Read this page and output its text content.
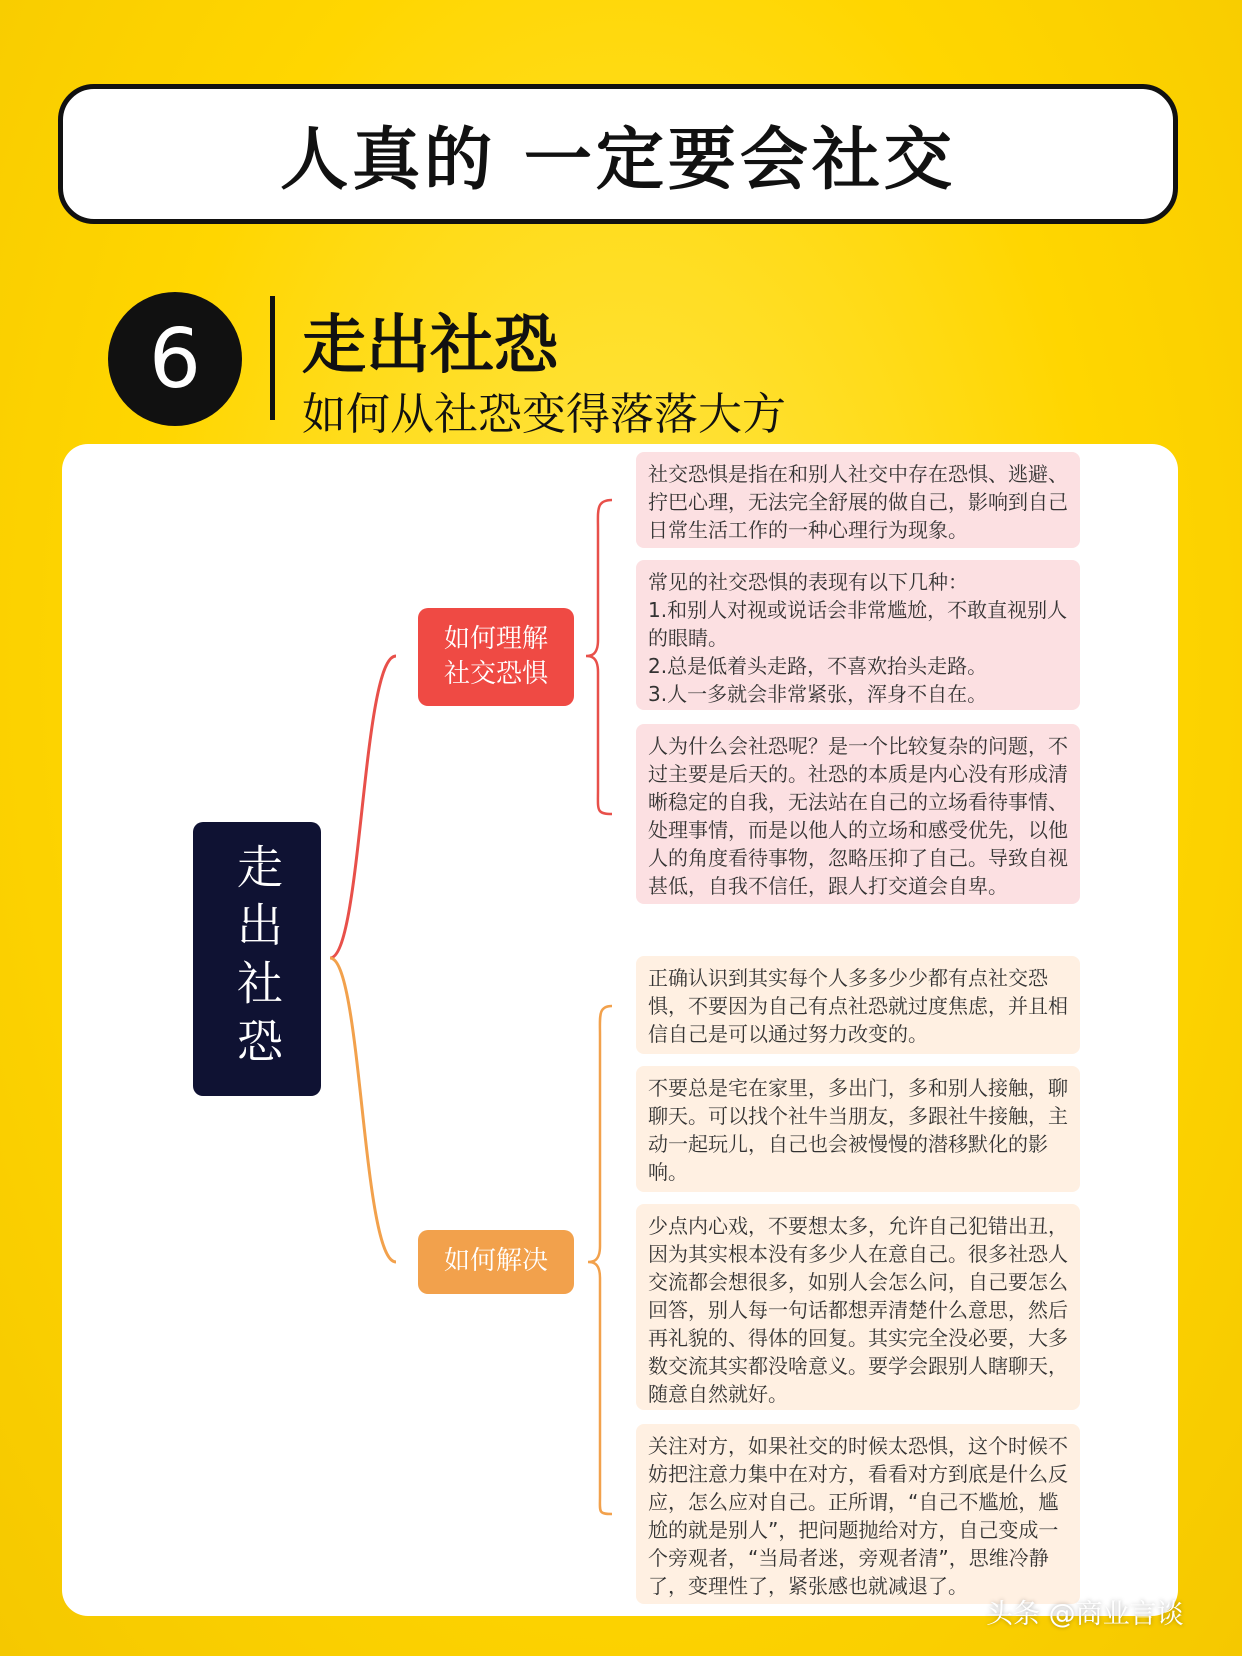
人真的 一定要会社交
6	走出社恐
如何从社恐变得落落大方
走出社恐
如何理解社交恐惧
如何解决
社交恐惧是指在和别人社交中存在恐惧、逃避、拧巴心理，无法完全舒展的做自己，影响到自己日常生活工作的一种心理行为现象。
常见的社交恐惧的表现有以下几种：
1.和别人对视或说话会非常尴尬，不敢直视别人的眼睛。
2.总是低着头走路，不喜欢抬头走路。
3.人一多就会非常紧张，浑身不自在。
人为什么会社恐呢？是一个比较复杂的问题，不过主要是后天的。社恐的本质是内心没有形成清晰稳定的自我，无法站在自己的立场看待事情、处理事情，而是以他人的立场和感受优先，以他人的角度看待事物，忽略压抑了自己。导致自视甚低，自我不信任，跟人打交道会自卑。
正确认识到其实每个人多多少少都有点社交恐惧，不要因为自己有点社恐就过度焦虑，并且相信自己是可以通过努力改变的。
不要总是宅在家里，多出门，多和别人接触，聊聊天。可以找个社牛当朋友，多跟社牛接触，主动一起玩儿，自己也会被慢慢的潜移默化的影响。
少点内心戏，不要想太多，允许自己犯错出丑，因为其实根本没有多少人在意自己。很多社恐人交流都会想很多，如别人会怎么问，自己要怎么回答，别人每一句话都想弄清楚什么意思，然后再礼貌的、得体的回复。其实完全没必要，大多数交流其实都没啥意义。要学会跟别人瞎聊天，随意自然就好。
关注对方，如果社交的时候太恐惧，这个时候不妨把注意力集中在对方，看看对方到底是什么反应，怎么应对自己。正所谓，“自己不尴尬，尴尬的就是别人”，把问题抛给对方，自己变成一个旁观者，“当局者迷，旁观者清”，思维冷静了，变理性了，紧张感也就减退了。
头条 @商业言谈
